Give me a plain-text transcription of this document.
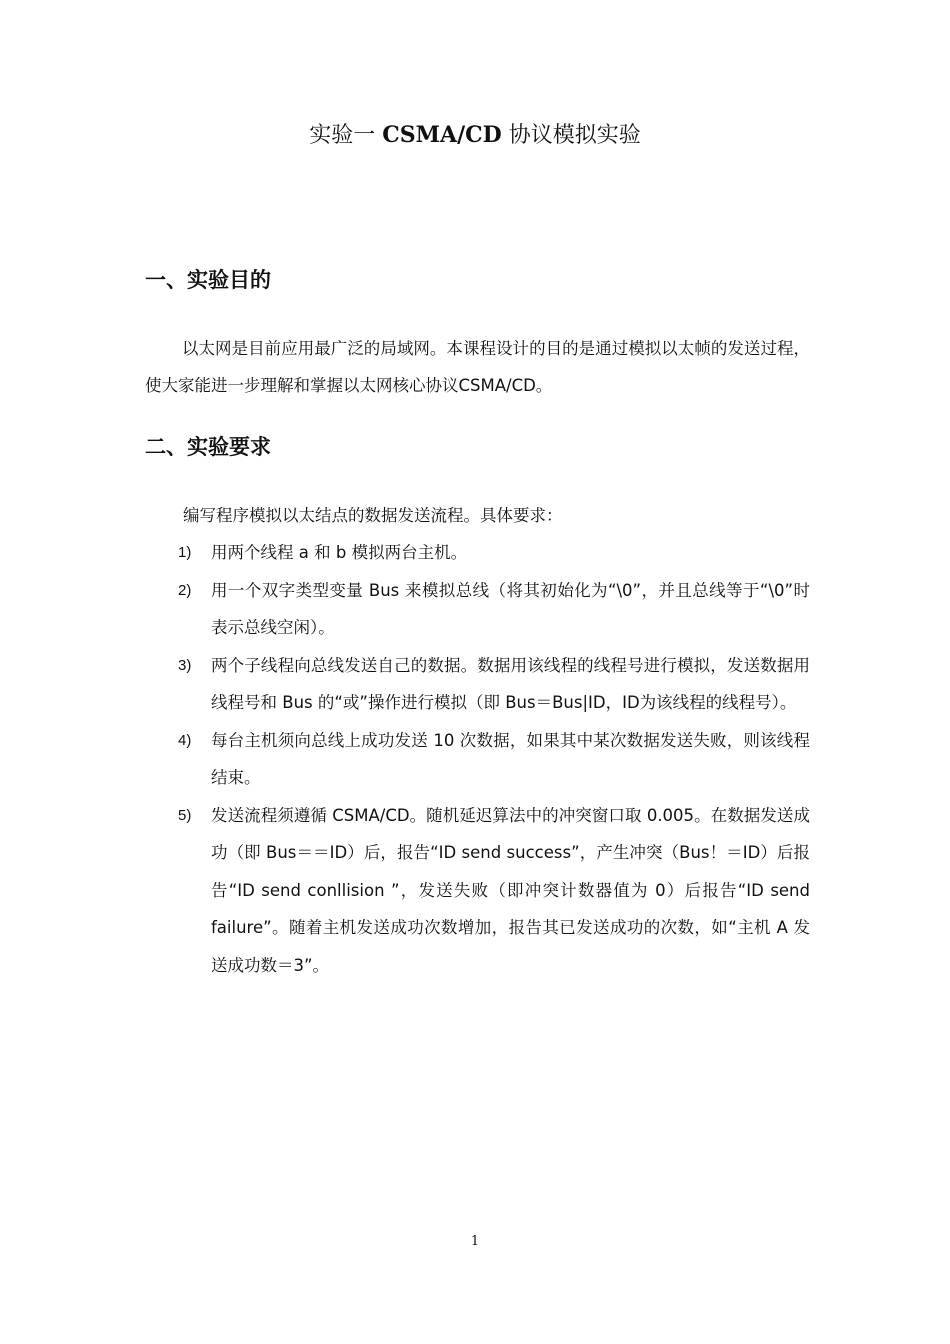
实验一 CSMA/CD 协议模拟实验
一、实验目的

以太网是目前应用最广泛的局域网。本课程设计的目的是通过模拟以太帧的发送过程，使大家能进一步理解和掌握以太网核心协议CSMA/CD。

二、实验要求

编写程序模拟以太结点的数据发送流程。具体要求：

1) 用两个线程 a 和 b 模拟两台主机。
2) 用一个双字类型变量 Bus 来模拟总线（将其初始化为“\0”，并且总线等于“\0”时表示总线空闲）。
3) 两个子线程向总线发送自己的数据。数据用该线程的线程号进行模拟，发送数据用线程号和 Bus 的“或”操作进行模拟（即 Bus＝Bus|ID，ID为该线程的线程号）。
4) 每台主机须向总线上成功发送 10 次数据，如果其中某次数据发送失败，则该线程结束。
5) 发送流程须遵循 CSMA/CD。随机延迟算法中的冲突窗口取 0.005。在数据发送成功（即 Bus＝＝ID）后，报告“ID send success”，产生冲突（Bus！＝ID）后报告“ID send conllision ”，发送失败（即冲突计数器值为 0）后报告“ID send failure”。随着主机发送成功次数增加，报告其已发送成功的次数，如“主机 A 发送成功数＝3”。
1
